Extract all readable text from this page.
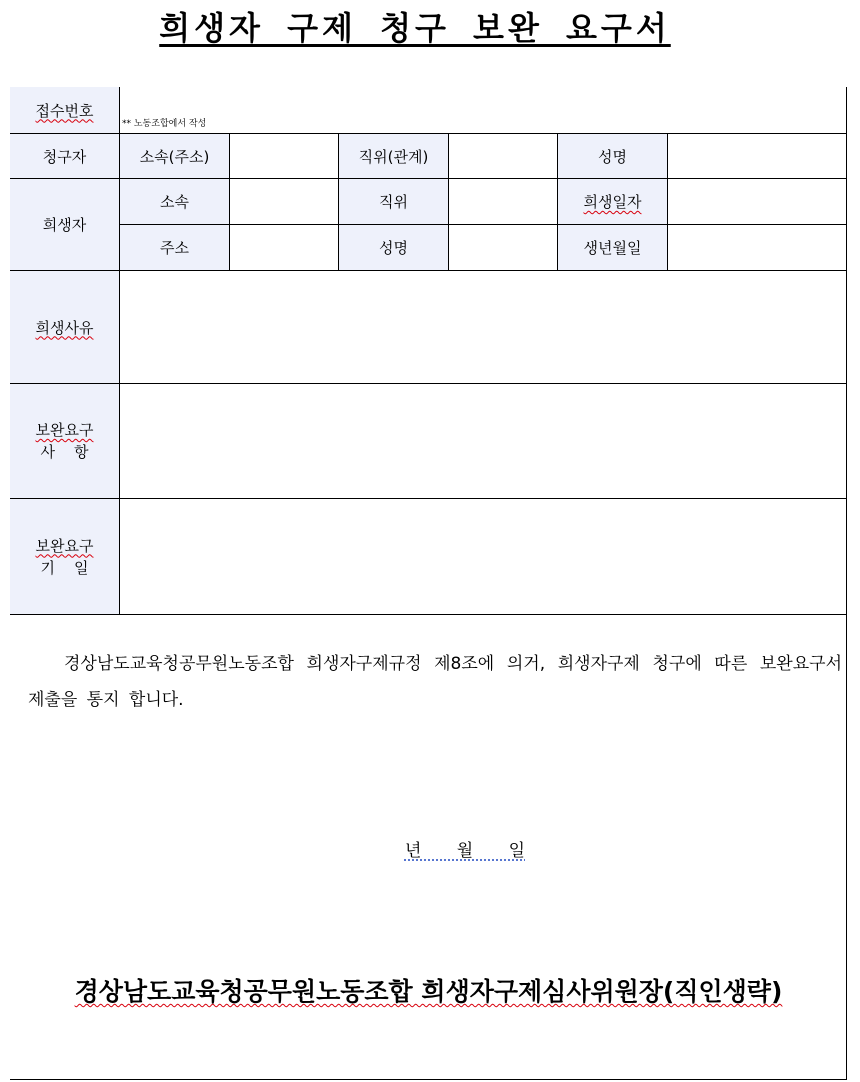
희생자 구제 청구 보완 요구서
접수번호
** 노동조합에서 작성
청구자	소속(주소)	직위(관계)	성명
희생자
소속	직위	희생일자
주소	성명	생년월일
희생사유
보완요구
사    항
보완요구
기    일
경상남도교육청공무원노동조합 희생자구제규정 제8조에 의거, 희생자구제 청구에 따른 보완요구서 제출을 통지 합니다.
년 월 일
경상남도교육청공무원노동조합 희생자구제심사위원장(직인생략)
